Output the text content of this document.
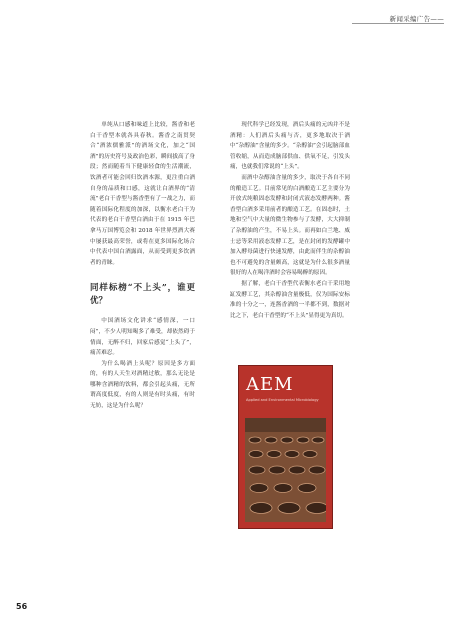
新闻采编广告——

单纯从口感和味道上比较，酱香和老白干香型本就各具春秋。酱香之南贯契合“酒浓儒雅派”的酒场文化，加之“国酒”的历史符号及政治色彩，瞬间拔高了身段；然而随着当下健康轻食的生活潮流，饮酒者可能会回归饮酒本源，更注重白酒自身的品质和口感，这就让白酒界的“清流”老白干香型与酱香型有了一战之力，而随着国际化程度的加深，以衡水老白干为代表的老白干香型白酒由于在 1915 年巴拿马万国博览会和 2018 年世界烈酒大赛中屡获最高荣誉，或将在更多国际化场合中代表中国白酒露面，从而受到更多饮酒者的青睐。

同样标榜“不上头”，谁更优？

中国酒场文化讲求“感情深，一口闷”，不少人明知喝多了难受，却依然碍于情面，无醉不归，回家后感觉“上头了”，痛苦难忍。

为什么喝酒上头呢？原因是多方面的，有的人天生对酒精过敏，那么无论是哪种含酒精的饮料，都会引起头痛，无所谓高度低度，有的人则是有时头痛，有时无妨，这是为什么呢？

现代科学已经发现，酒后头痛的元凶并不是酒精：人们酒后头痛与否，更多地取决于酒中“杂醇油”含量的多少。“杂醇油”会引起脑部血管收缩，从而造成脑部供血、供氧不足，引发头痛，也就我们常说的“上头”。

而酒中杂醇油含量的多少，取决于各自不同的酿造工艺。目前常见的白酒酿造工艺主要分为开放式纯粮固态发酵和封闭式液态发酵两种。酱香型白酒多采用前者的酿造工艺。在固态时，土地和空气中大量的微生物参与了发酵，大大抑制了杂醇油的产生，不易上头。而再如白兰地、威士忌等采用液态发酵工艺，是在封闭的发酵罐中加入酵母菌进行快速发酵，由此而伴生的杂醇油也不可避免的含量颇高，这就是为什么很多酒量很好的人在喝洋酒时会容易喝醉的原因。

据了解，老白干香型代表衡水老白干采用地缸发酵工艺，其杂醇油含量极低，仅为国际安标准的十分之一，连酱香酒的一半都不到，数据对比之下，老白干香型的“不上头”显得更为真切。

AEM
Applied and Environmental Microbiology
56
